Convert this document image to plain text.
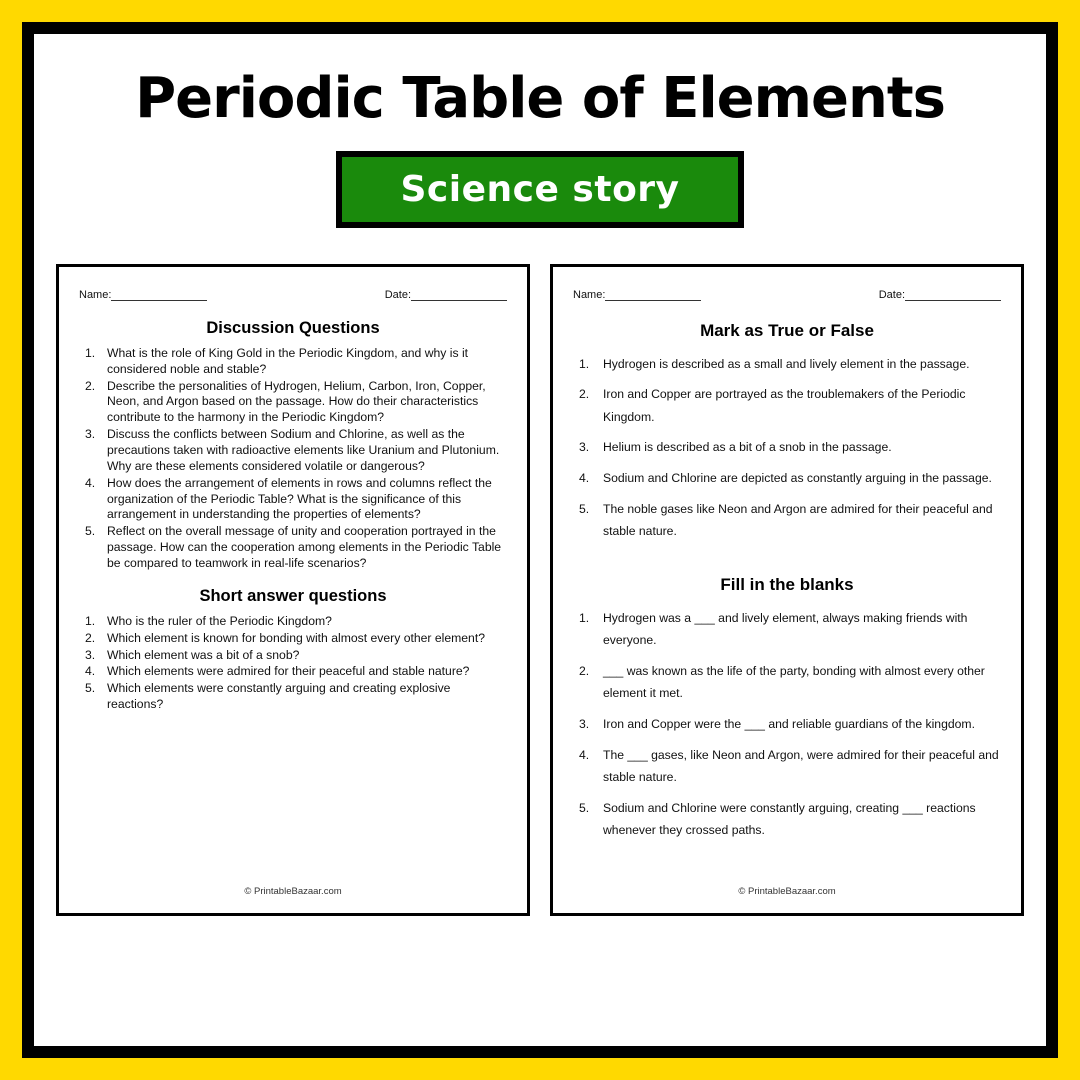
Periodic Table of Elements
Science story
Name:	Date:
Discussion Questions
What is the role of King Gold in the Periodic Kingdom, and why is it considered noble and stable?
Describe the personalities of Hydrogen, Helium, Carbon, Iron, Copper, Neon, and Argon based on the passage. How do their characteristics contribute to the harmony in the Periodic Kingdom?
Discuss the conflicts between Sodium and Chlorine, as well as the precautions taken with radioactive elements like Uranium and Plutonium. Why are these elements considered volatile or dangerous?
How does the arrangement of elements in rows and columns reflect the organization of the Periodic Table? What is the significance of this arrangement in understanding the properties of elements?
Reflect on the overall message of unity and cooperation portrayed in the passage. How can the cooperation among elements in the Periodic Table be compared to teamwork in real-life scenarios?
Short answer questions
Who is the ruler of the Periodic Kingdom?
Which element is known for bonding with almost every other element?
Which element was a bit of a snob?
Which elements were admired for their peaceful and stable nature?
Which elements were constantly arguing and creating explosive reactions?
© PrintableBazaar.com
Name:	Date:
Mark as True or False
Hydrogen is described as a small and lively element in the passage.
Iron and Copper are portrayed as the troublemakers of the Periodic Kingdom.
Helium is described as a bit of a snob in the passage.
Sodium and Chlorine are depicted as constantly arguing in the passage.
The noble gases like Neon and Argon are admired for their peaceful and stable nature.
Fill in the blanks
Hydrogen was a ___ and lively element, always making friends with everyone.
___ was known as the life of the party, bonding with almost every other element it met.
Iron and Copper were the ___ and reliable guardians of the kingdom.
The ___ gases, like Neon and Argon, were admired for their peaceful and stable nature.
Sodium and Chlorine were constantly arguing, creating ___ reactions whenever they crossed paths.
© PrintableBazaar.com
